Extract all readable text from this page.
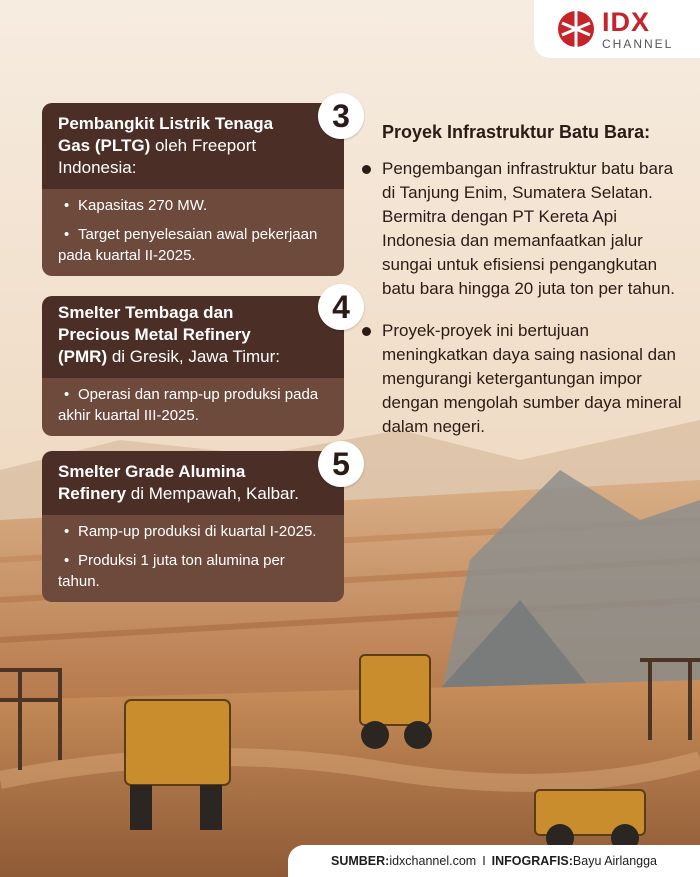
IDX
CHANNEL
Pembangkit Listrik Tenaga Gas (PLTG) oleh Freeport Indonesia:
• Kapasitas 270 MW.
• Target penyelesaian awal pekerjaan pada kuartal II-2025.
3
Smelter Tembaga dan Precious Metal Refinery (PMR) di Gresik, Jawa Timur:
• Operasi dan ramp-up produksi pada akhir kuartal III-2025.
4
Smelter Grade Alumina Refinery di Mempawah, Kalbar.
• Ramp-up produksi di kuartal I-2025.
• Produksi 1 juta ton alumina per tahun.
5
Proyek Infrastruktur Batu Bara:
Pengembangan infrastruktur batu bara di Tanjung Enim, Sumatera Selatan. Bermitra dengan PT Kereta Api Indonesia dan memanfaatkan jalur sungai untuk efisiensi pengangkutan batu bara hingga 20 juta ton per tahun.
Proyek-proyek ini bertujuan meningkatkan daya saing nasional dan mengurangi ketergantungan impor dengan mengolah sumber daya mineral dalam negeri.
SUMBER: idxchannel.com I INFOGRAFIS: Bayu Airlangga
